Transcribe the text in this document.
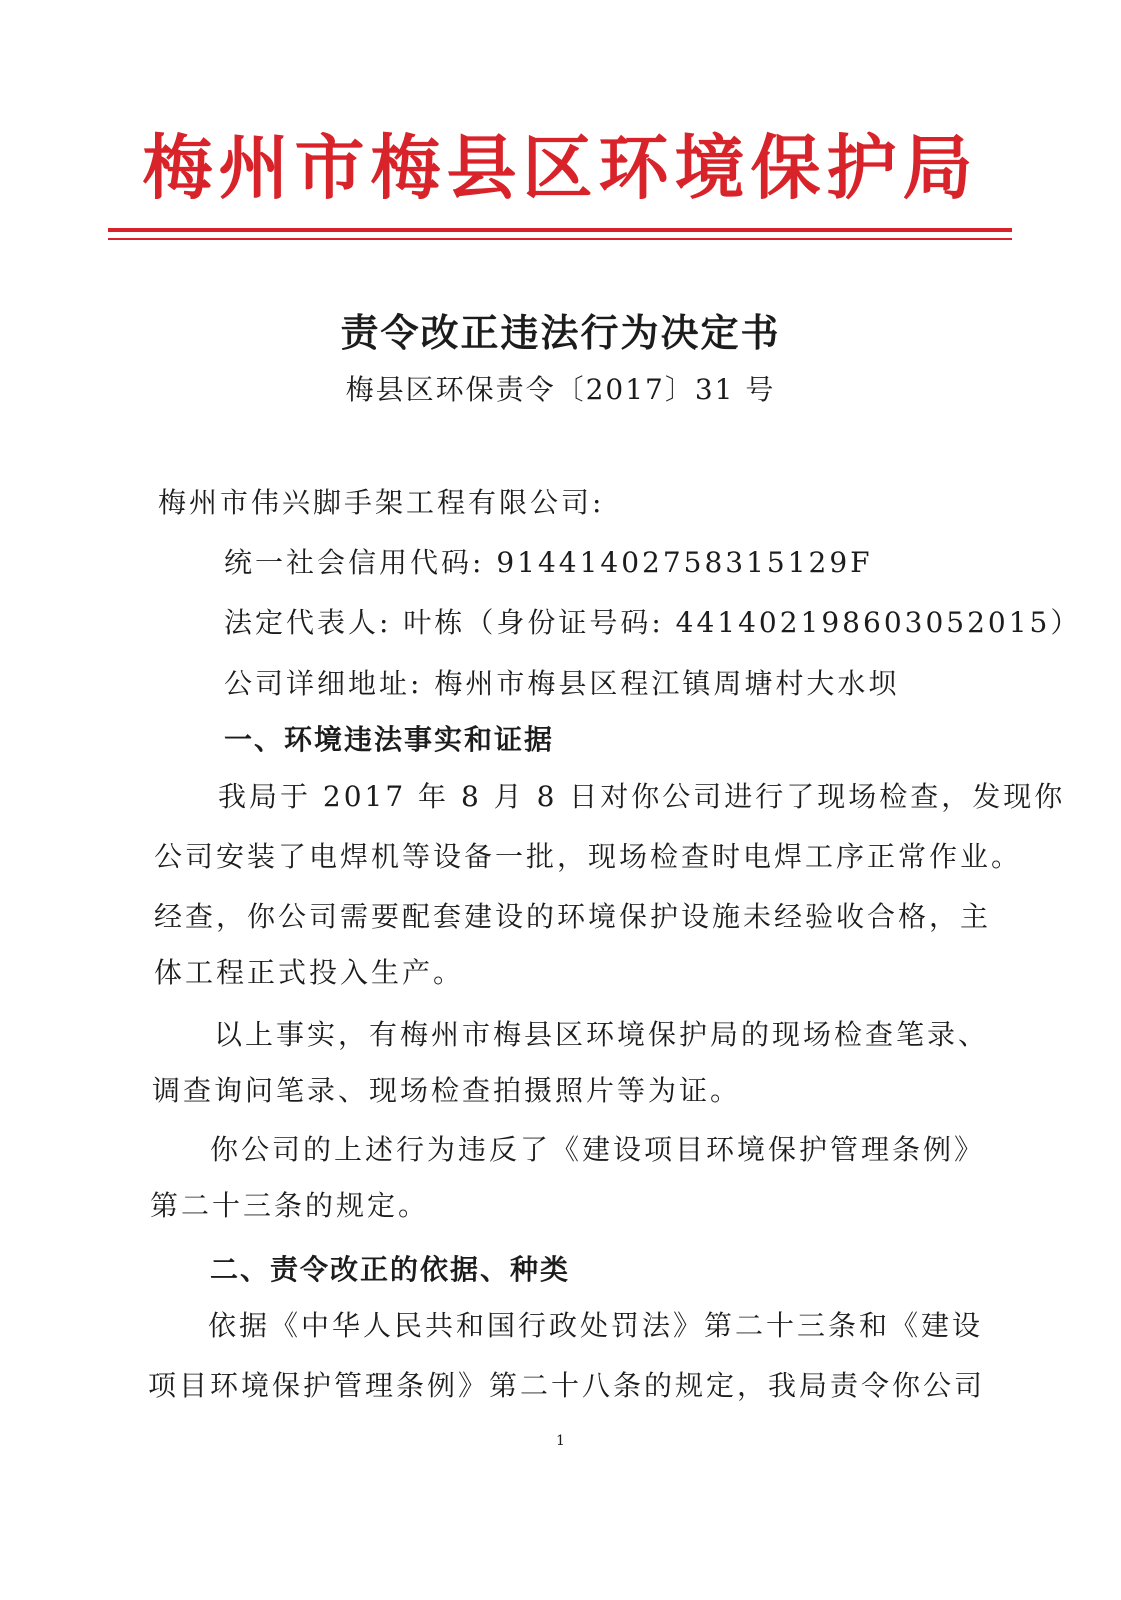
梅州市梅县区环境保护局
责令改正违法行为决定书
梅县区环保责令〔2017〕31 号
梅州市伟兴脚手架工程有限公司:
统一社会信用代码: 91441402758315129F
法定代表人: 叶栋（身份证号码: 441402198603052015）
公司详细地址: 梅州市梅县区程江镇周塘村大水坝
一、环境违法事实和证据
我局于 2017 年 8 月 8 日对你公司进行了现场检查，发现你
公司安装了电焊机等设备一批，现场检查时电焊工序正常作业。
经查，你公司需要配套建设的环境保护设施未经验收合格，主
体工程正式投入生产。
以上事实，有梅州市梅县区环境保护局的现场检查笔录、
调查询问笔录、现场检查拍摄照片等为证。
你公司的上述行为违反了《建设项目环境保护管理条例》
第二十三条的规定。
二、责令改正的依据、种类
依据《中华人民共和国行政处罚法》第二十三条和《建设
项目环境保护管理条例》第二十八条的规定，我局责令你公司
1
